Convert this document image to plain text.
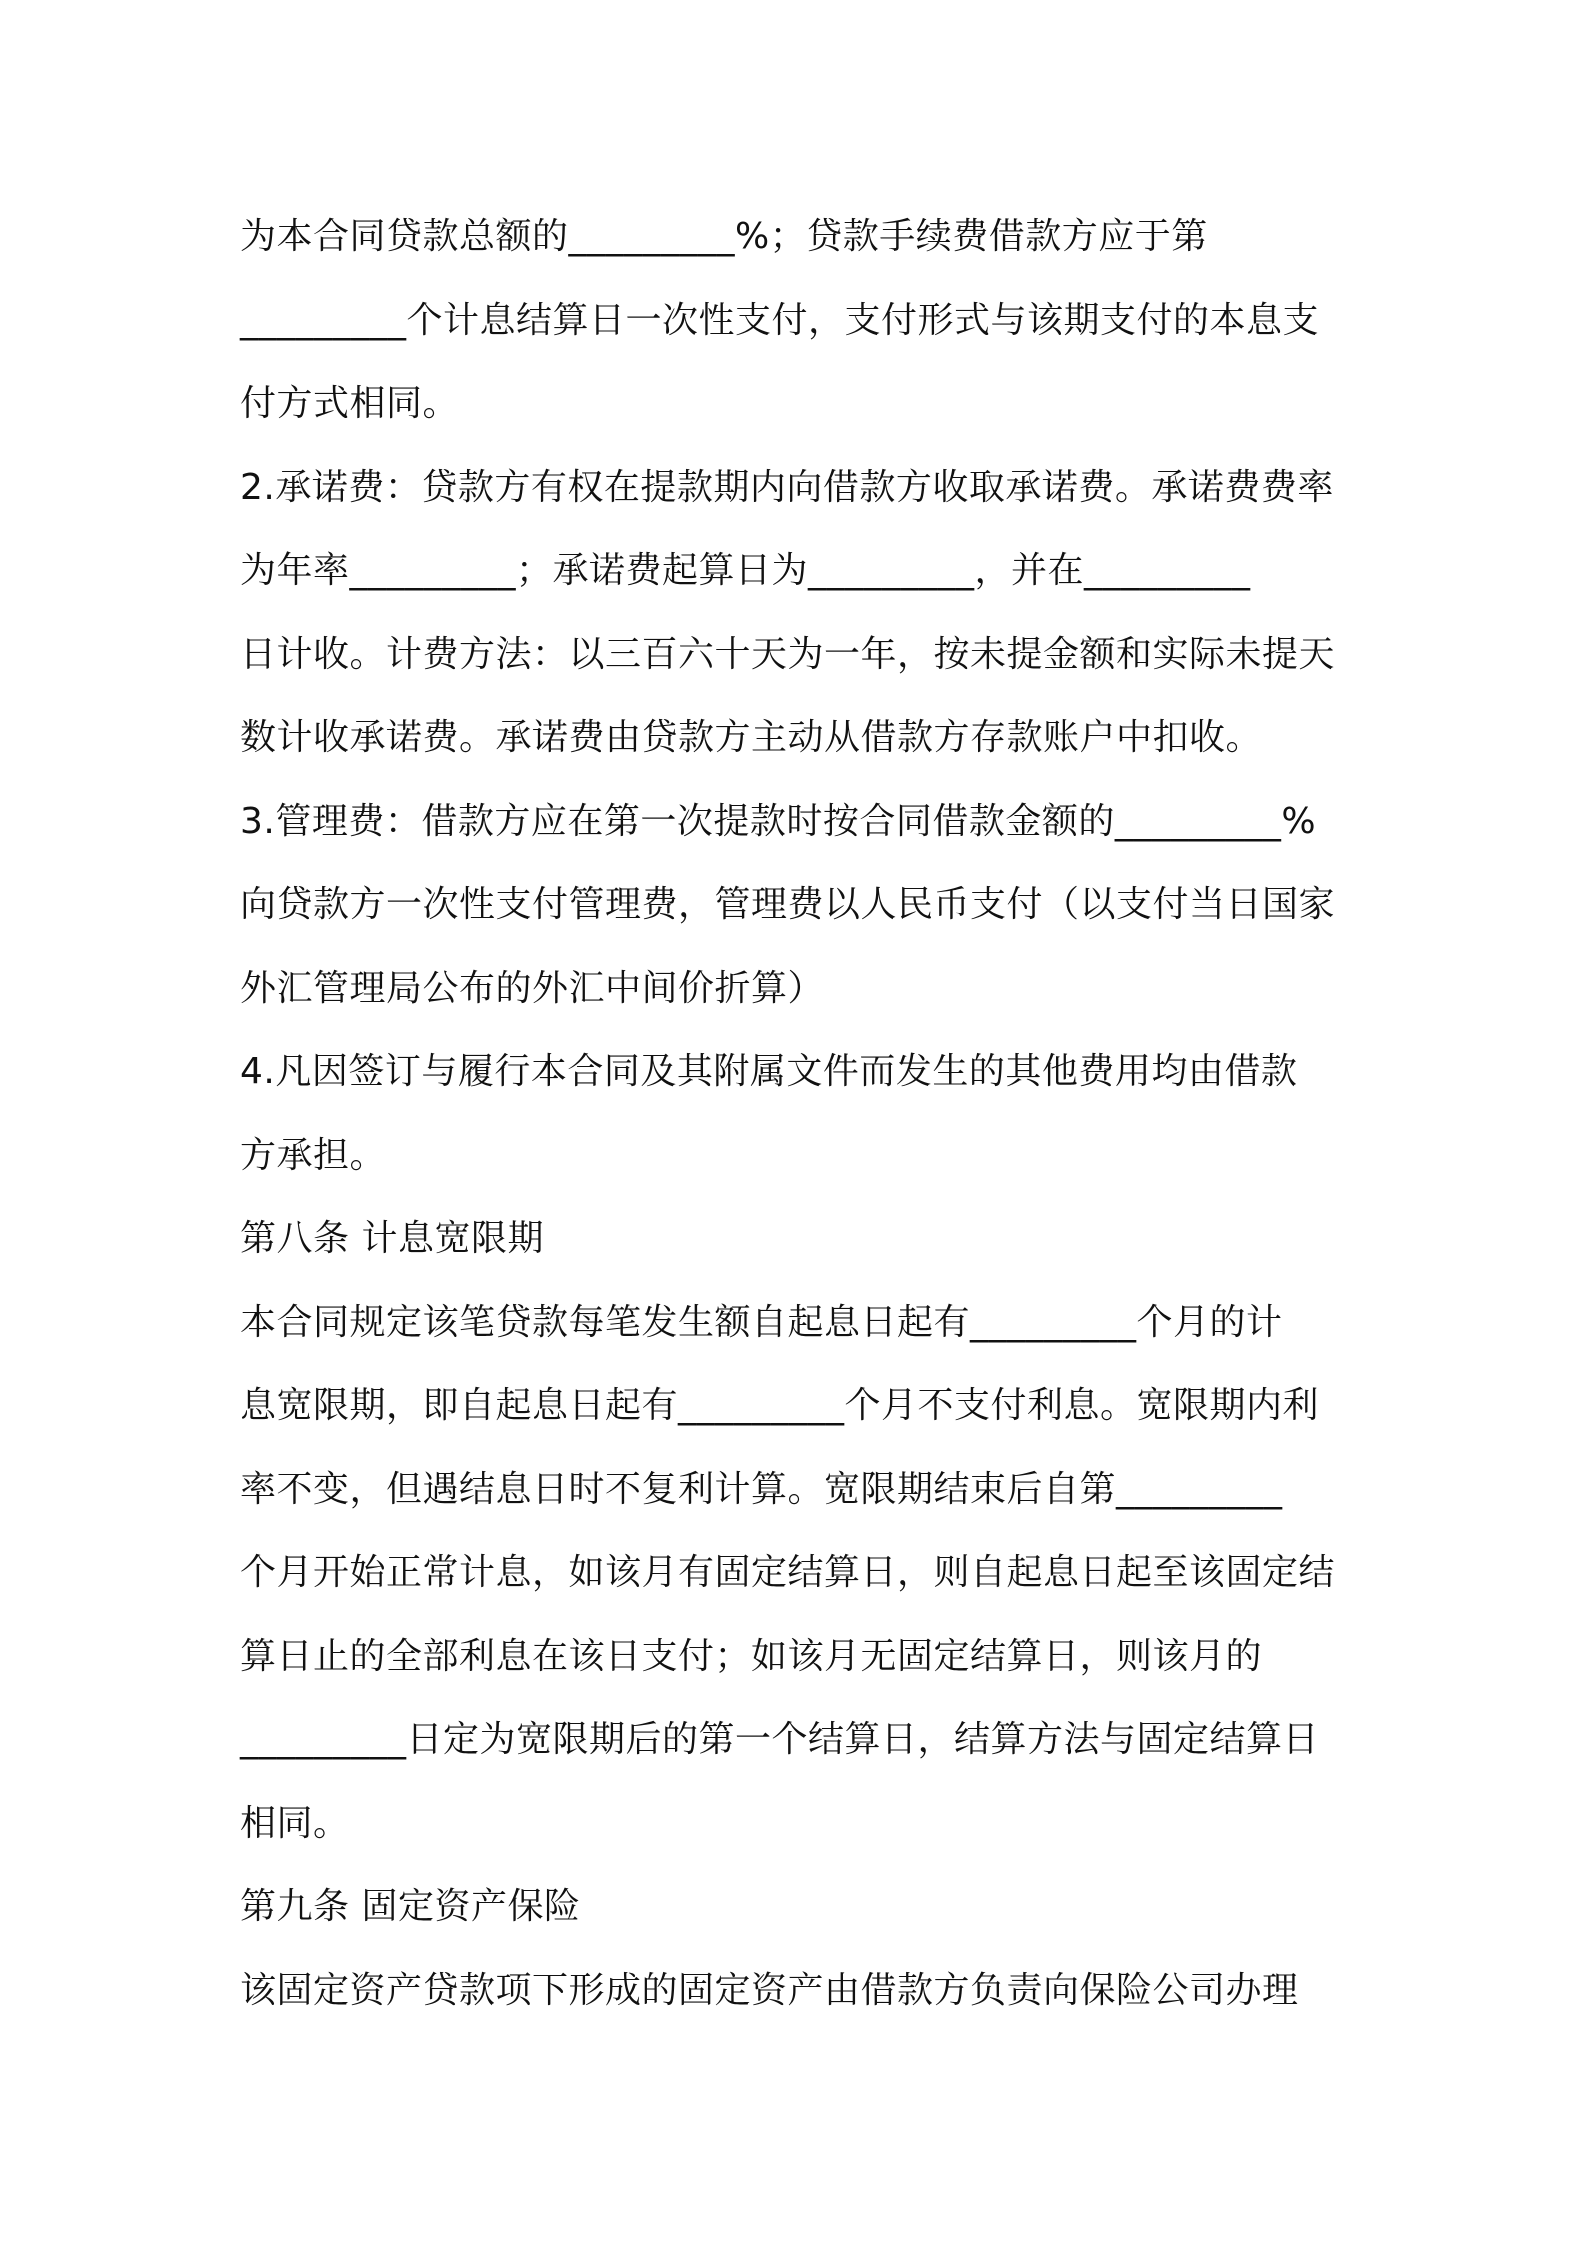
为本合同贷款总额的_________%；贷款手续费借款方应于第
_________个计息结算日一次性支付，支付形式与该期支付的本息支
付方式相同。
2.承诺费：贷款方有权在提款期内向借款方收取承诺费。承诺费费率
为年率_________；承诺费起算日为_________，并在_________
日计收。计费方法：以三百六十天为一年，按未提金额和实际未提天
数计收承诺费。承诺费由贷款方主动从借款方存款账户中扣收。
3.管理费：借款方应在第一次提款时按合同借款金额的_________%
向贷款方一次性支付管理费，管理费以人民币支付（以支付当日国家
外汇管理局公布的外汇中间价折算）
4.凡因签订与履行本合同及其附属文件而发生的其他费用均由借款
方承担。
第八条 计息宽限期
本合同规定该笔贷款每笔发生额自起息日起有_________个月的计
息宽限期，即自起息日起有_________个月不支付利息。宽限期内利
率不变，但遇结息日时不复利计算。宽限期结束后自第_________
个月开始正常计息，如该月有固定结算日，则自起息日起至该固定结
算日止的全部利息在该日支付；如该月无固定结算日，则该月的
_________日定为宽限期后的第一个结算日，结算方法与固定结算日
相同。
第九条 固定资产保险
该固定资产贷款项下形成的固定资产由借款方负责向保险公司办理
